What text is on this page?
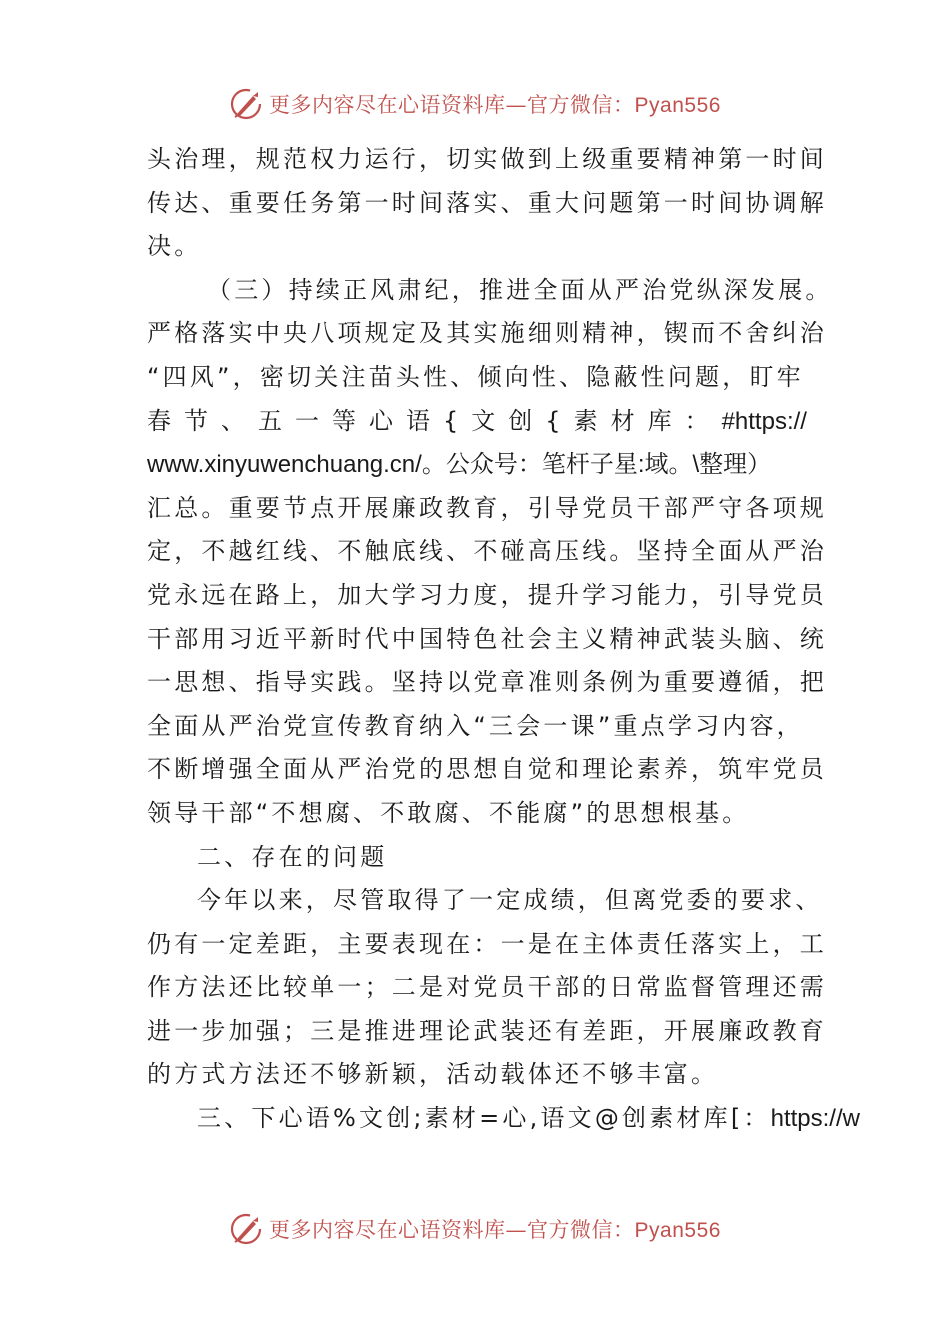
更多内容尽在心语资料库—官方微信：Pyan556
头治理，规范权力运行，切实做到上级重要精神第一时间
传达、重要任务第一时间落实、重大问题第一时间协调解
决。
（三）持续正风肃纪，推进全面从严治党纵深发展。
严格落实中央八项规定及其实施细则精神，锲而不舍纠治
“四风”，密切关注苗头性、倾向性、隐蔽性问题，盯牢
春 节 、 五 一 等 心 语 { 文 创 { 素 材 库 ： #https://
www.xinyuwenchuang.cn/。公众号：笔杆子星:域。\整理）
汇总。重要节点开展廉政教育，引导党员干部严守各项规
定，不越红线、不触底线、不碰高压线。坚持全面从严治
党永远在路上，加大学习力度，提升学习能力，引导党员
干部用习近平新时代中国特色社会主义精神武装头脑、统
一思想、指导实践。坚持以党章准则条例为重要遵循，把
全面从严治党宣传教育纳入“三会一课”重点学习内容，
不断增强全面从严治党的思想自觉和理论素养，筑牢党员
领导干部“不想腐、不敢腐、不能腐”的思想根基。
二、存在的问题
今年以来，尽管取得了一定成绩，但离党委的要求、
仍有一定差距，主要表现在：一是在主体责任落实上，工
作方法还比较单一；二是对党员干部的日常监督管理还需
进一步加强；三是推进理论武装还有差距，开展廉政教育
的方式方法还不够新颖，活动载体还不够丰富。
三、下心语%文创;素材=心,语文@创素材库[：https://w
更多内容尽在心语资料库—官方微信：Pyan556
